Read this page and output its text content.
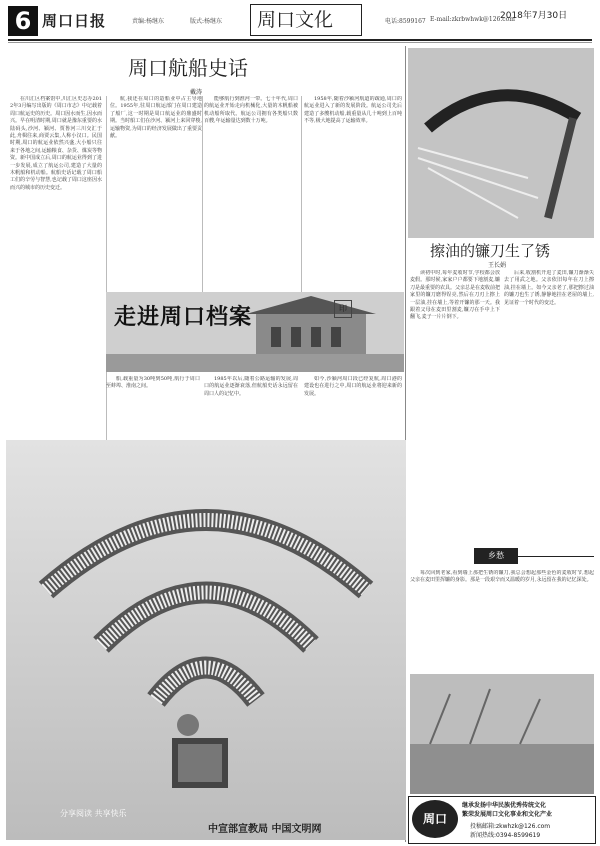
6 周口日报	责编:杨继东	版式:杨继东 周口文化	电话:8599167 E-mail:zkrbwhwk@126.com
2018年7月30日
周口航船史话
戴涛

在川汇区档案馆中,川汇区史志办2012年3月编写出版的《周口市志》中记载着周口航运史的历史。周口因水而生,因水而兴。早在明清时期,周口就是豫东重要的水陆码头,沙河、颍河、贾鲁河三川交汇于此,舟楫往来,商贾云集,人称小汉口。民国时期,周口的航运业依然兴盛,大小船只往来于各地之间,运输粮食、杂货、煤炭等物资。新中国成立后,周口的航运业得到了进一步发展,成立了航运公司,建造了大量的木帆船和机动船。航船史话记载了周口船工们的辛劳与智慧,也记载了周口这座因水而兴的城市的历史变迁。

航,我还在周口的造船业中占主导地位。1955年,驻周口航运部门在周口建造了船厂,这一时期是周口航运业的鼎盛时期。当时船工们在沙河、颍河上来回穿梭,运输物资,为周口的经济发展做出了重要贡献。

能够航行到淮河一带。七十年代,周口的航运业开始走向机械化,大量的木帆船被机动船所取代。航运公司拥有各类船只数百艘,年运输量达到数十万吨。

1958年,随着沙颍河航道的疏通,周口的航运业进入了新的发展阶段。航运公司先后建造了多艘机动船,载重量从几十吨到上百吨不等,极大地提高了运输效率。

走进周口档案	印

船,载重量为30吨到50吨,航行于周口至蚌埠、淮南之间。

1985年以后,随着公路运输的发展,周口的航运业逐渐衰落,但航船史话永远留在周口人的记忆中。

如今,沙颍河周口段已经复航,周口港的建设也在进行之中,周口的航运业将迎来新的发展。

分享阅读 共享快乐
中宣部宣教局 中国文明网
擦油的镰刀生了锈
王长娟

读初中时,每年麦收时节,学校都会放麦假。那时候,家家户户都要下地割麦,镰刀是最重要的农具。父亲总是在麦收前把家里的镰刀磨得锃亮,然后在刀刃上擦上一层油,挂在墙上,等着开镰的那一天。我跟着父母在麦田里割麦,镰刀在手中上下翻飞,麦子一片片倒下。

后来,收割机开进了麦田,镰刀渐渐失去了用武之地。父亲依旧每年在刀上擦油,挂在墙上。如今父亲老了,那把擦过油的镰刀也生了锈,静静地挂在老屋的墙上,见证着一个时代的变迁。

乡愁

每次回到老家,看到墙上那把生锈的镰刀,我总会想起那些金色的麦收时节,想起父亲在麦田里挥镰的身影。那是一段艰辛而又温暖的岁月,永远留在我的记忆深处。

周口
继承发扬中华民族优秀传统文化
繁荣发展周口文化事业和文化产业
投稿邮箱:zkwhzk@126.com
新闻热线:0394-8599619
